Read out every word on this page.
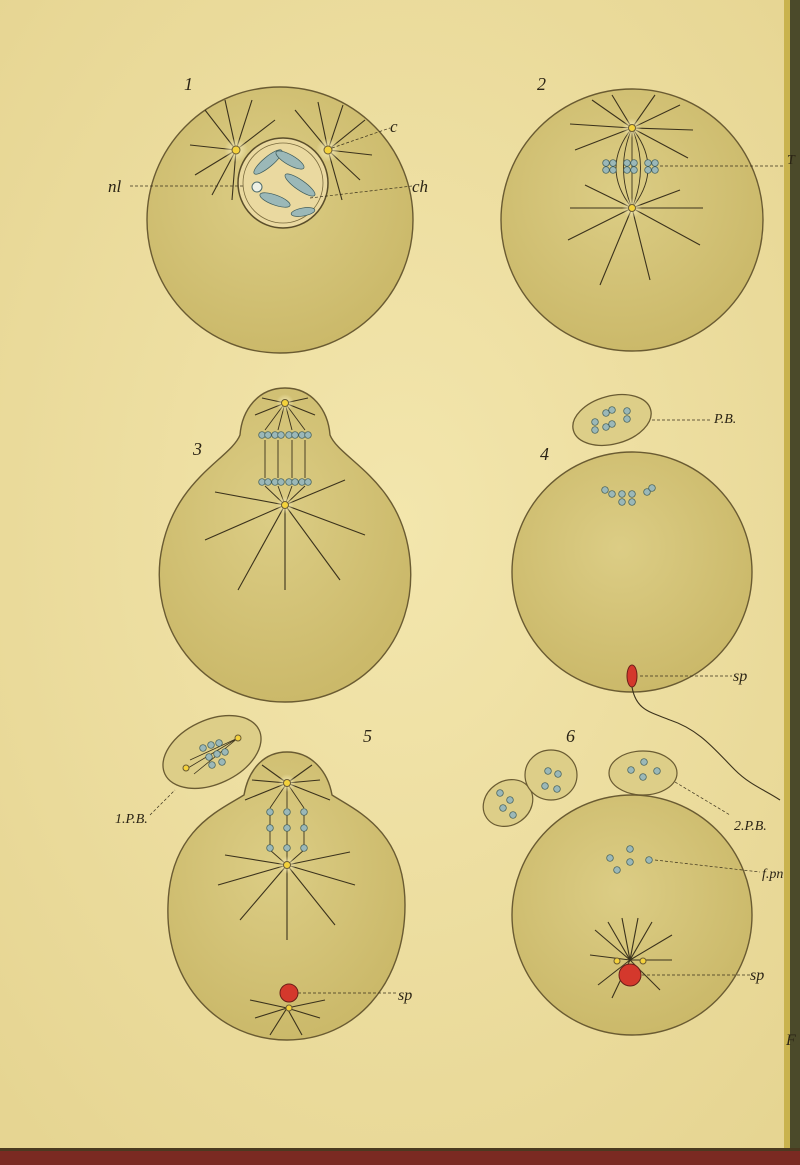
1
nl
c
ch
2
T
3	4
P.B.
sp
5
1.P.B.
sp
6
2.P.B.
f.pn
sp
F
